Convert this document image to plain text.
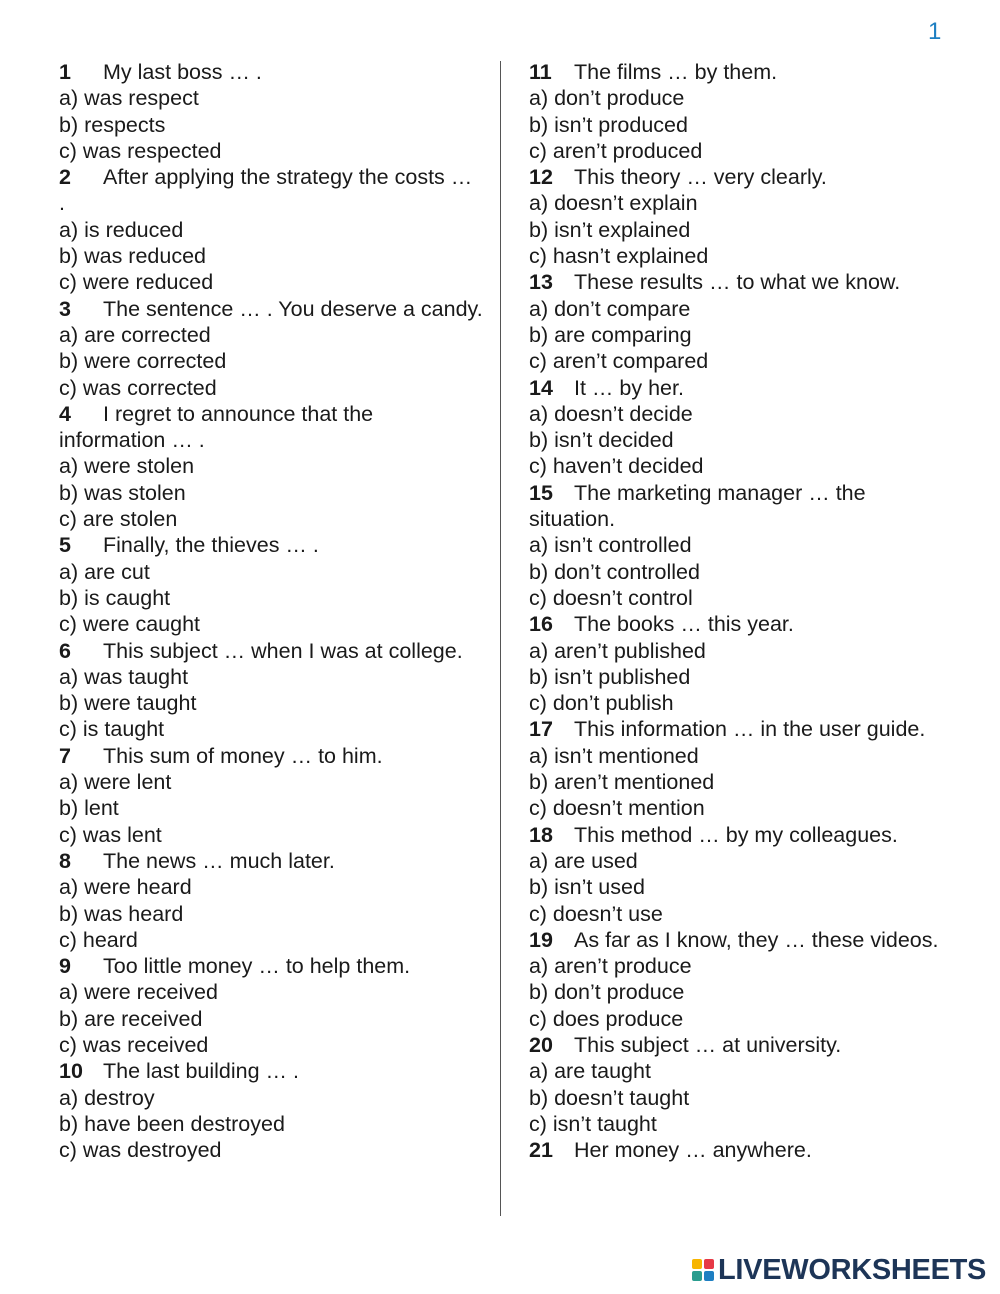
1
1 My last boss … .
a) was respect
b) respects
c) was respected
2 After applying the strategy the costs … .
a) is reduced
b) was reduced
c) were reduced
3 The sentence … . You deserve a candy.
a) are corrected
b) were corrected
c) was corrected
4 I regret to announce that the information … .
a) were stolen
b) was stolen
c) are stolen
5 Finally, the thieves … .
a) are cut
b) is caught
c) were caught
6 This subject … when I was at college.
a) was taught
b) were taught
c) is taught
7 This sum of money … to him.
a) were lent
b) lent
c) was lent
8 The news … much later.
a) were heard
b) was heard
c) heard
9 Too little money … to help them.
a) were received
b) are received
c) was received
10 The last building … .
a) destroy
b) have been destroyed
c) was destroyed
11 The films … by them.
a) don’t produce
b) isn’t produced
c) aren’t produced
12 This theory … very clearly.
a) doesn’t explain
b) isn’t explained
c) hasn’t explained
13 These results … to what we know.
a) don’t compare
b) are comparing
c) aren’t compared
14 It … by her.
a) doesn’t decide
b) isn’t decided
c) haven’t decided
15 The marketing manager … the situation.
a) isn’t controlled
b) don’t controlled
c) doesn’t control
16 The books … this year.
a) aren’t published
b) isn’t published
c) don’t publish
17 This information … in the user guide.
a) isn’t mentioned
b) aren’t mentioned
c) doesn’t mention
18 This method … by my colleagues.
a) are used
b) isn’t used
c) doesn’t use
19 As far as I know, they … these videos.
a) aren’t produce
b) don’t produce
c) does produce
20 This subject … at university.
a) are taught
b) doesn’t taught
c) isn’t taught
21 Her money … anywhere.
LIVEWORKSHEETS
